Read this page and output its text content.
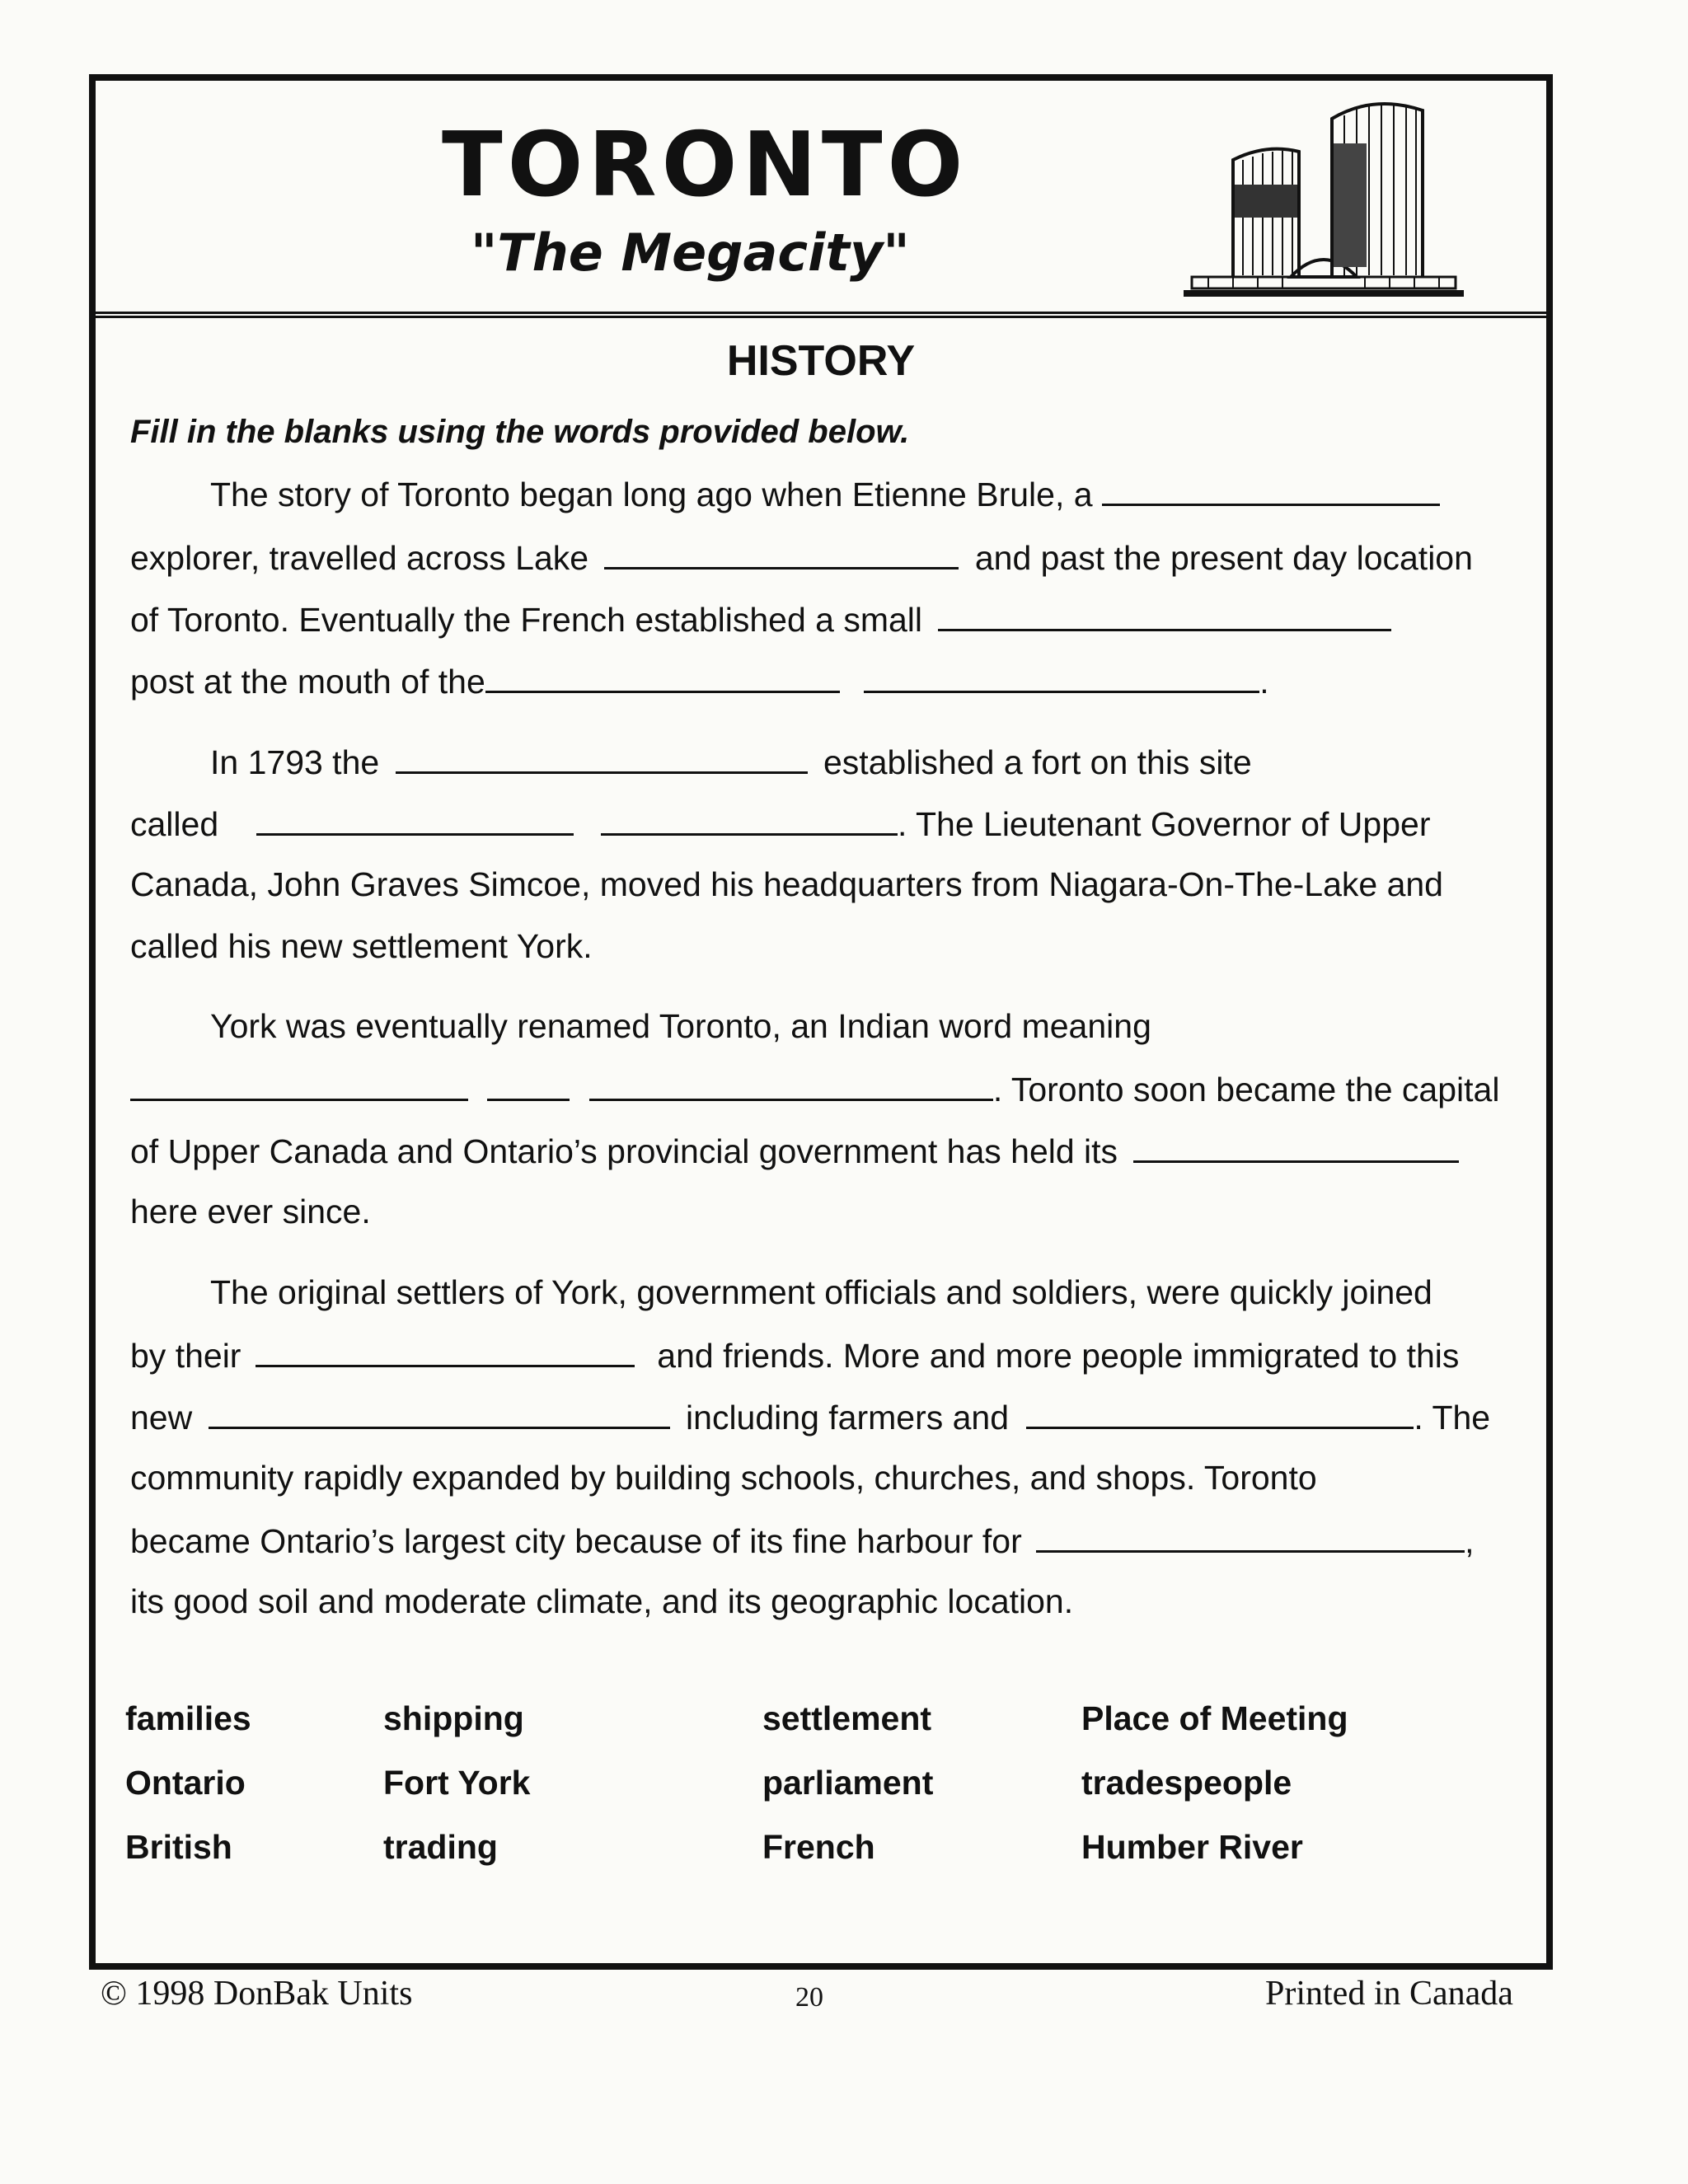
TORONTO
"The Megacity"
HISTORY
Fill in the blanks using the words provided below.
The story of Toronto began long ago when Etienne Brule, a
explorer, travelled across Lake	and past the present day location
of Toronto. Eventually the French established a small
post at the mouth of the	.
In 1793 the	established a fort on this site
called	. The Lieutenant Governor of Upper
Canada, John Graves Simcoe, moved his headquarters from Niagara-On-The-Lake and
called his new settlement York.
York was eventually renamed Toronto, an Indian word meaning
. Toronto soon became the capital
of Upper Canada and Ontario’s provincial government has held its
here ever since.
The original settlers of York, government officials and soldiers, were quickly joined
by their	and friends. More and more people immigrated to this
new	including farmers and	. The
community rapidly expanded by building schools, churches, and shops. Toronto
became Ontario’s largest city because of its fine harbour for	,
its good soil and moderate climate, and its geographic location.
families	shipping	settlement	Place of Meeting
Ontario	Fort York	parliament	tradespeople
British	trading	French	Humber River
© 1998 DonBak Units	20	Printed in Canada
